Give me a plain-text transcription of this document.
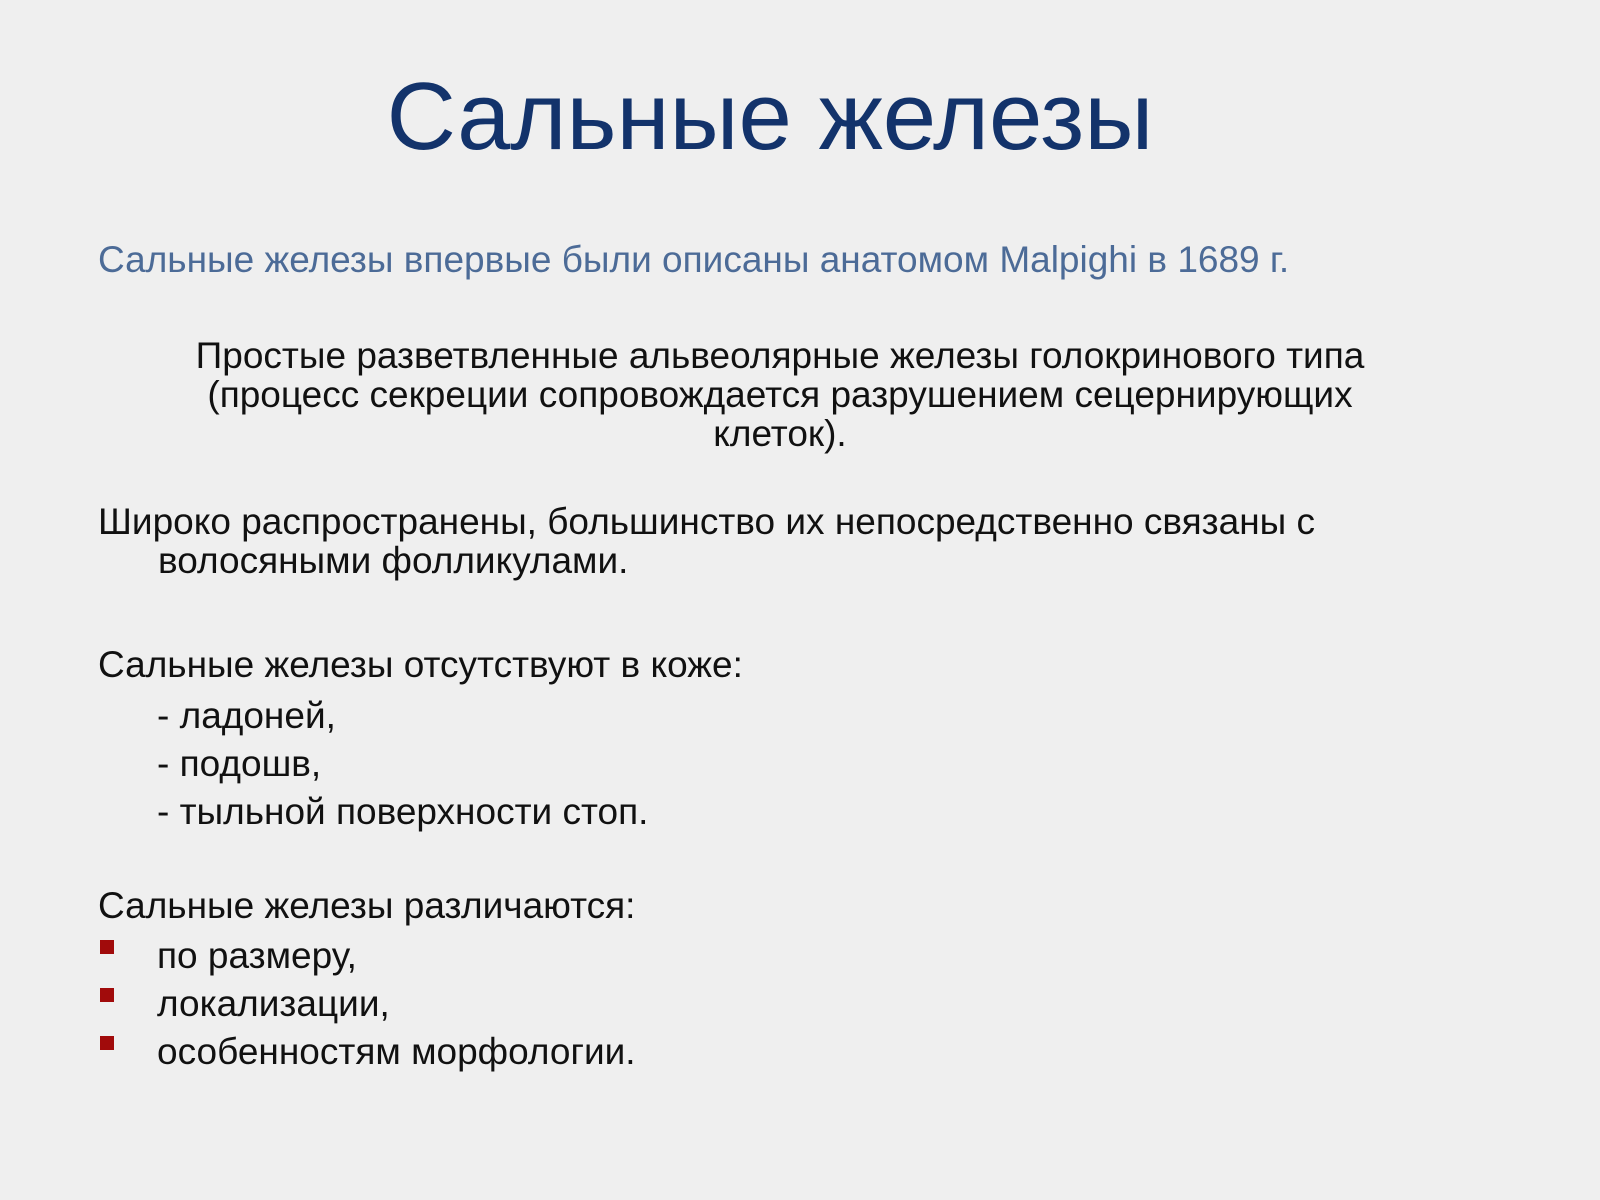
Сальные железы

Сальные железы впервые были описаны анатомом Malpighi в 1689 г.

Простые разветвленные альвеолярные железы голокринового типа
(процесс секреции сопровождается разрушением сецернирующих
клеток).

Широко распространены, большинство их непосредственно связаны с
волосяными фолликулами.

Сальные железы отсутствуют в коже:

- ладоней,
- подошв,
- тыльной поверхности стоп.

Сальные железы различаются:

по размеру,
локализации,
особенностям морфологии.
